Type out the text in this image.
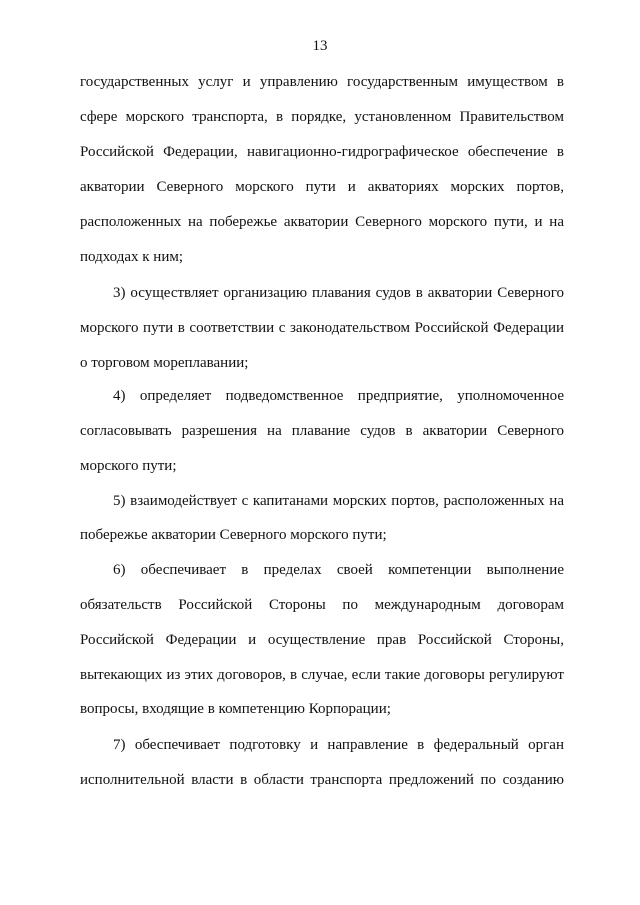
13
государственных услуг и управлению государственным имуществом в
сфере морского транспорта, в порядке, установленном Правительством
Российской Федерации, навигационно-гидрографическое обеспечение в
акватории Северного морского пути и акваториях морских портов,
расположенных на побережье акватории Северного морского пути, и на
подходах к ним;
3) осуществляет организацию плавания судов в акватории Северного
морского пути в соответствии с законодательством Российской Федерации
о торговом мореплавании;
4) определяет подведомственное предприятие, уполномоченное
согласовывать разрешения на плавание судов в акватории Северного
морского пути;
5) взаимодействует с капитанами морских портов, расположенных на
побережье акватории Северного морского пути;
6) обеспечивает в пределах своей компетенции выполнение
обязательств Российской Стороны по международным договорам
Российской Федерации и осуществление прав Российской Стороны,
вытекающих из этих договоров, в случае, если такие договоры регулируют
вопросы, входящие в компетенцию Корпорации;
7) обеспечивает подготовку и направление в федеральный орган
исполнительной власти в области транспорта предложений по созданию
